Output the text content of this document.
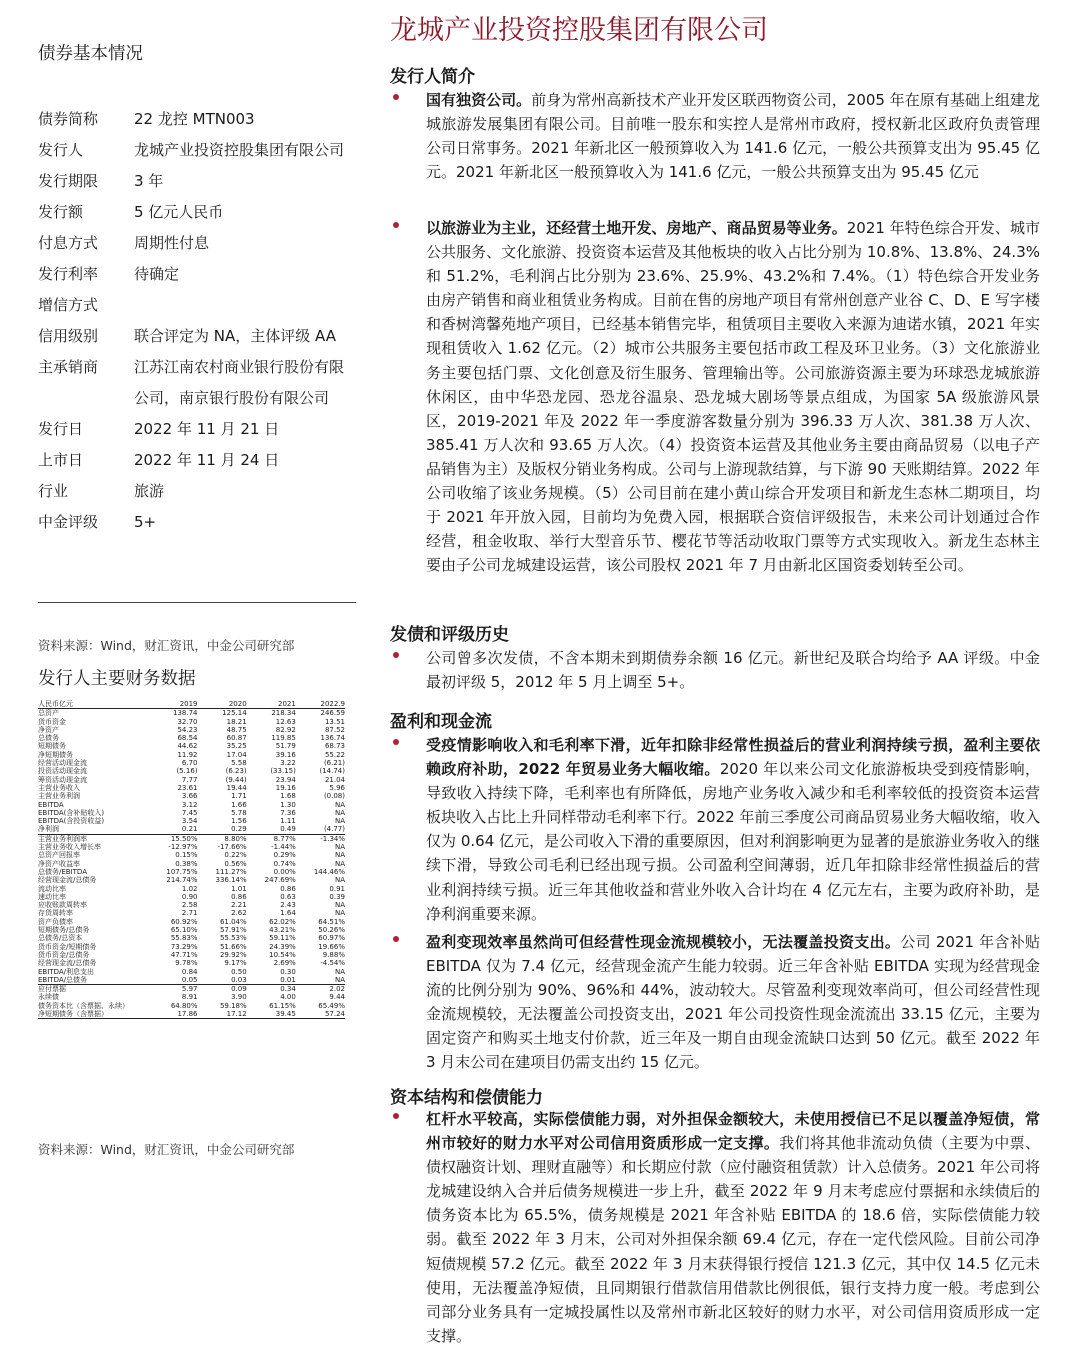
债券基本情况
债券简称	22 龙控 MTN003
发行人	龙城产业投资控股集团有限公司
发行期限	3 年
发行额	5 亿元人民币
付息方式	周期性付息
发行利率	待确定
增信方式
信用级别	联合评定为 NA，主体评级 AA
主承销商	江苏江南农村商业银行股份有限公司，南京银行股份有限公司
发行日	2022 年 11 月 21 日
上市日	2022 年 11 月 24 日
行业	旅游
中金评级	5+
资料来源：Wind，财汇资讯，中金公司研究部
发行人主要财务数据
人民币亿元	2019	2020	2021	2022.9
总资产	138.74	125.14	218.34	246.59
货币资金	32.70	18.21	12.63	13.51
净资产	54.23	48.75	82.92	87.52
总债务	68.54	60.87	119.85	136.74
短期债务	44.62	35.25	51.79	68.73
净短期债务	11.92	17.04	39.16	55.22
经营活动现金流	6.70	5.58	3.22	(6.21)
投资活动现金流	(5.16)	(6.23)	(33.15)	(14.74)
筹资活动现金流	7.77	(9.44)	23.94	21.04
主营业务收入	23.61	19.44	19.16	5.96
主营业务利润	3.66	1.71	1.68	(0.08)
EBITDA	3.12	1.66	1.30	NA
EBITDA(含补贴收入)	7.45	5.78	7.36	NA
EBITDA(含投资收益)	3.54	1.56	1.11	NA
净利润	0.21	0.29	0.49	(4.77)
主营业务利润率	15.50%	8.80%	8.77%	-1.34%
主营业务收入增长率	-12.97%	-17.66%	-1.44%	NA
总资产回报率	0.15%	0.22%	0.29%	NA
净资产收益率	0.38%	0.56%	0.74%	NA
总债务/EBITDA	107.75%	111.27%	0.00%	144.46%
经营现金流/总债务	214.74%	336.14%	247.69%	NA
流动比率	1.02	1.01	0.86	0.91
速动比率	0.90	0.86	0.63	0.39
应收账款周转率	2.58	2.21	2.43	NA
存货周转率	2.71	2.62	1.64	NA
资产负债率	60.92%	61.04%	62.02%	64.51%
短期债务/总债务	65.10%	57.91%	43.21%	50.26%
总债务/总资本	55.83%	55.53%	59.11%	60.97%
货币资金/短期债务	73.29%	51.66%	24.39%	19.66%
货币资金/总债务	47.71%	29.92%	10.54%	9.88%
经营现金流/总债务	9.78%	9.17%	2.69%	-4.54%
EBITDA/利息支出	0.84	0.50	0.30	NA
EBITDA/总债务	0.05	0.03	0.01	NA
应付票据	5.97	0.09	0.34	2.02
永续债	8.91	3.90	4.00	9.44
债务资本比（含票据、永续）	64.80%	59.18%	61.15%	65.49%
净短期债务（含票据）	17.86	17.12	39.45	57.24
资料来源：Wind，财汇资讯，中金公司研究部
龙城产业投资控股集团有限公司
发行人简介
国有独资公司。前身为常州高新技术产业开发区联西物资公司，2005 年在原有基础上组建龙城旅游发展集团有限公司。目前唯一股东和实控人是常州市政府，授权新北区政府负责管理公司日常事务。2021 年新北区一般预算收入为 141.6 亿元，一般公共预算支出为 95.45 亿元。2021 年新北区一般预算收入为 141.6 亿元，一般公共预算支出为 95.45 亿元
以旅游业为主业，还经营土地开发、房地产、商品贸易等业务。2021 年特色综合开发、城市公共服务、文化旅游、投资资本运营及其他板块的收入占比分别为 10.8%、13.8%、24.3%和 51.2%，毛利润占比分别为 23.6%、25.9%、43.2%和 7.4%。（1）特色综合开发业务由房产销售和商业租赁业务构成。目前在售的房地产项目有常州创意产业谷 C、D、E 写字楼和香树湾馨苑地产项目，已经基本销售完毕，租赁项目主要收入来源为迪诺水镇，2021 年实现租赁收入 1.62 亿元。（2）城市公共服务主要包括市政工程及环卫业务。（3）文化旅游业务主要包括门票、文化创意及衍生服务、管理输出等。公司旅游资源主要为环球恐龙城旅游休闲区，由中华恐龙园、恐龙谷温泉、恐龙城大剧场等景点组成，为国家 5A 级旅游风景区，2019-2021 年及 2022 年一季度游客数量分别为 396.33 万人次、381.38 万人次、385.41 万人次和 93.65 万人次。（4）投资资本运营及其他业务主要由商品贸易（以电子产品销售为主）及版权分销业务构成。公司与上游现款结算，与下游 90 天账期结算。2022 年公司收缩了该业务规模。（5）公司目前在建小黄山综合开发项目和新龙生态林二期项目，均于 2021 年开放入园，目前均为免费入园，根据联合资信评级报告，未来公司计划通过合作经营，租金收取、举行大型音乐节、樱花节等活动收取门票等方式实现收入。新龙生态林主要由子公司龙城建设运营，该公司股权 2021 年 7 月由新北区国资委划转至公司。
发债和评级历史
公司曾多次发债，不含本期未到期债券余额 16 亿元。新世纪及联合均给予 AA 评级。中金最初评级 5，2012 年 5 月上调至 5+。
盈利和现金流
受疫情影响收入和毛利率下滑，近年扣除非经常性损益后的营业利润持续亏损，盈利主要依赖政府补助，2022 年贸易业务大幅收缩。2020 年以来公司文化旅游板块受到疫情影响，导致收入持续下降，毛利率也有所降低，房地产业务收入减少和毛利率较低的投资资本运营板块收入占比上升同样带动毛利率下行。2022 年前三季度公司商品贸易业务大幅收缩，收入仅为 0.64 亿元，是公司收入下滑的重要原因，但对利润影响更为显著的是旅游业务收入的继续下滑，导致公司毛利已经出现亏损。公司盈利空间薄弱，近几年扣除非经常性损益后的营业利润持续亏损。近三年其他收益和营业外收入合计均在 4 亿元左右，主要为政府补助，是净利润重要来源。
盈利变现效率虽然尚可但经营性现金流规模较小，无法覆盖投资支出。公司 2021 年含补贴 EBITDA 仅为 7.4 亿元，经营现金流产生能力较弱。近三年含补贴 EBITDA 实现为经营现金流的比例分别为 90%、96%和 44%，波动较大。尽管盈利变现效率尚可，但公司经营性现金流规模较，无法覆盖公司投资支出，2021 年公司投资性现金流流出 33.15 亿元，主要为固定资产和购买土地支付价款，近三年及一期自由现金流缺口达到 50 亿元。截至 2022 年 3 月末公司在建项目仍需支出约 15 亿元。
资本结构和偿债能力
杠杆水平较高，实际偿债能力弱，对外担保金额较大，未使用授信已不足以覆盖净短债，常州市较好的财力水平对公司信用资质形成一定支撑。我们将其他非流动负债（主要为中票、债权融资计划、理财直融等）和长期应付款（应付融资租赁款）计入总债务。2021 年公司将龙城建设纳入合并后债务规模进一步上升，截至 2022 年 9 月末考虑应付票据和永续债后的债务资本比为 65.5%，债务规模是 2021 年含补贴 EBITDA 的 18.6 倍，实际偿债能力较弱。截至 2022 年 3 月末，公司对外担保余额 69.4 亿元，存在一定代偿风险。目前公司净短债规模 57.2 亿元。截至 2022 年 3 月末获得银行授信 121.3 亿元，其中仅 14.5 亿元未使用，无法覆盖净短债，且同期银行借款信用借款比例很低，银行支持力度一般。考虑到公司部分业务具有一定城投属性以及常州市新北区较好的财力水平，对公司信用资质形成一定支撑。
